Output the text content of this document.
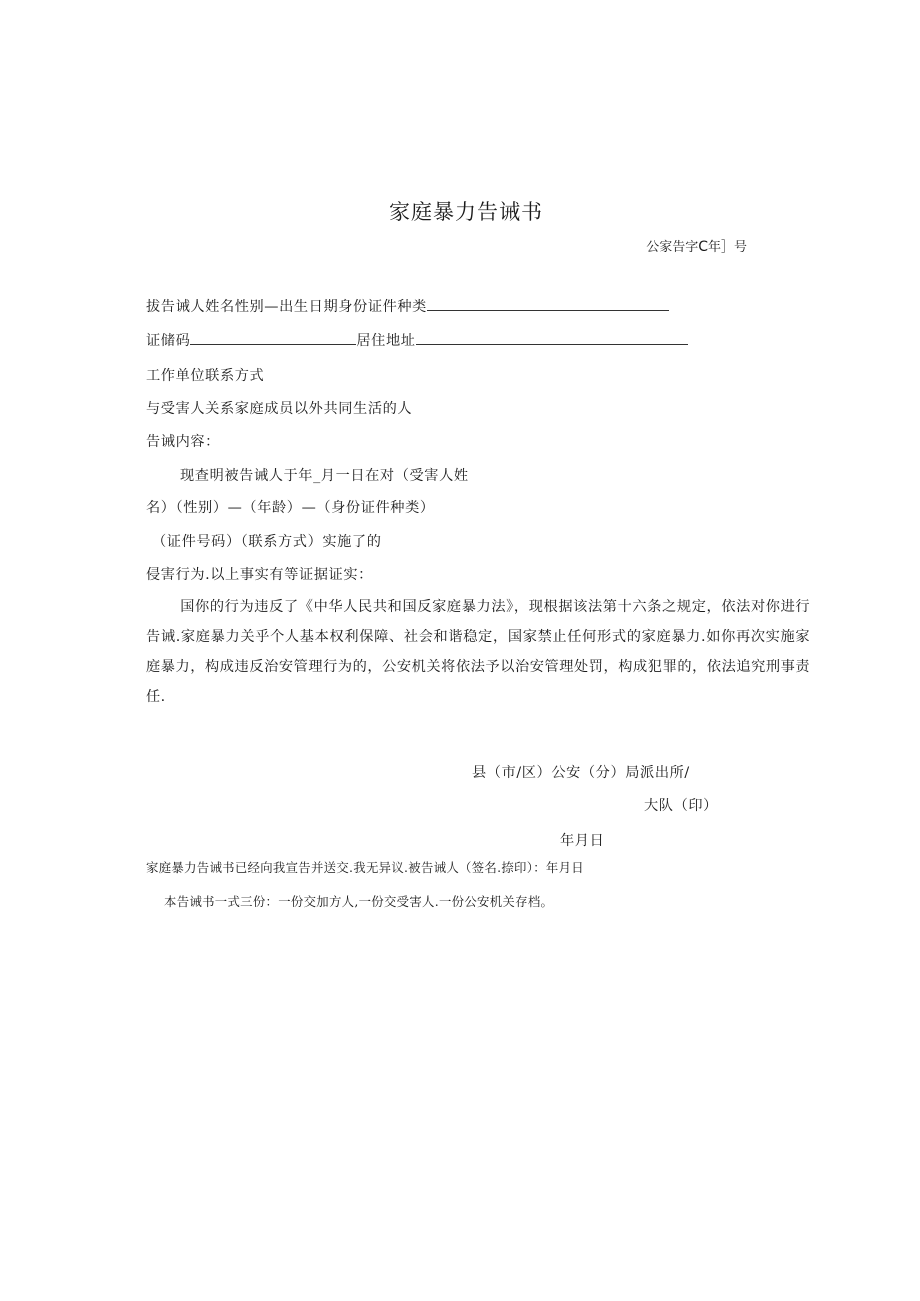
家庭暴力告诫书
公家告字C年］号
拔告诫人姓名性别—出生日期身份证件种类
证储码	居住地址
工作单位联系方式
与受害人关系家庭成员以外共同生活的人
告诫内容：
现查明被告诫人于年_月一日在对（受害人姓
名）（性别）—（年龄）—（身份证件种类）
（证件号码）（联系方式）实施了的
侵害行为.以上事实有等证据证实：
国你的行为违反了《中华人民共和国反家庭暴力法》，现根据该法第十六条之规定，依法对你进行告诫.家庭暴力关乎个人基本权利保障、社会和谐稳定，国家禁止任何形式的家庭暴力.如你再次实施家庭暴力，构成违反治安管理行为的，公安机关将依法予以治安管理处罚，构成犯罪的，依法追究刑事责任.
县（市/区）公安（分）局派出所/
大队（印）
年月日
家庭暴力告诫书已经向我宣告并送交.我无异议.被告诫人（签名.捺印）：年月日
本告诫书一式三份：一份交加方人,一份交受害人.一份公安机关存档。
